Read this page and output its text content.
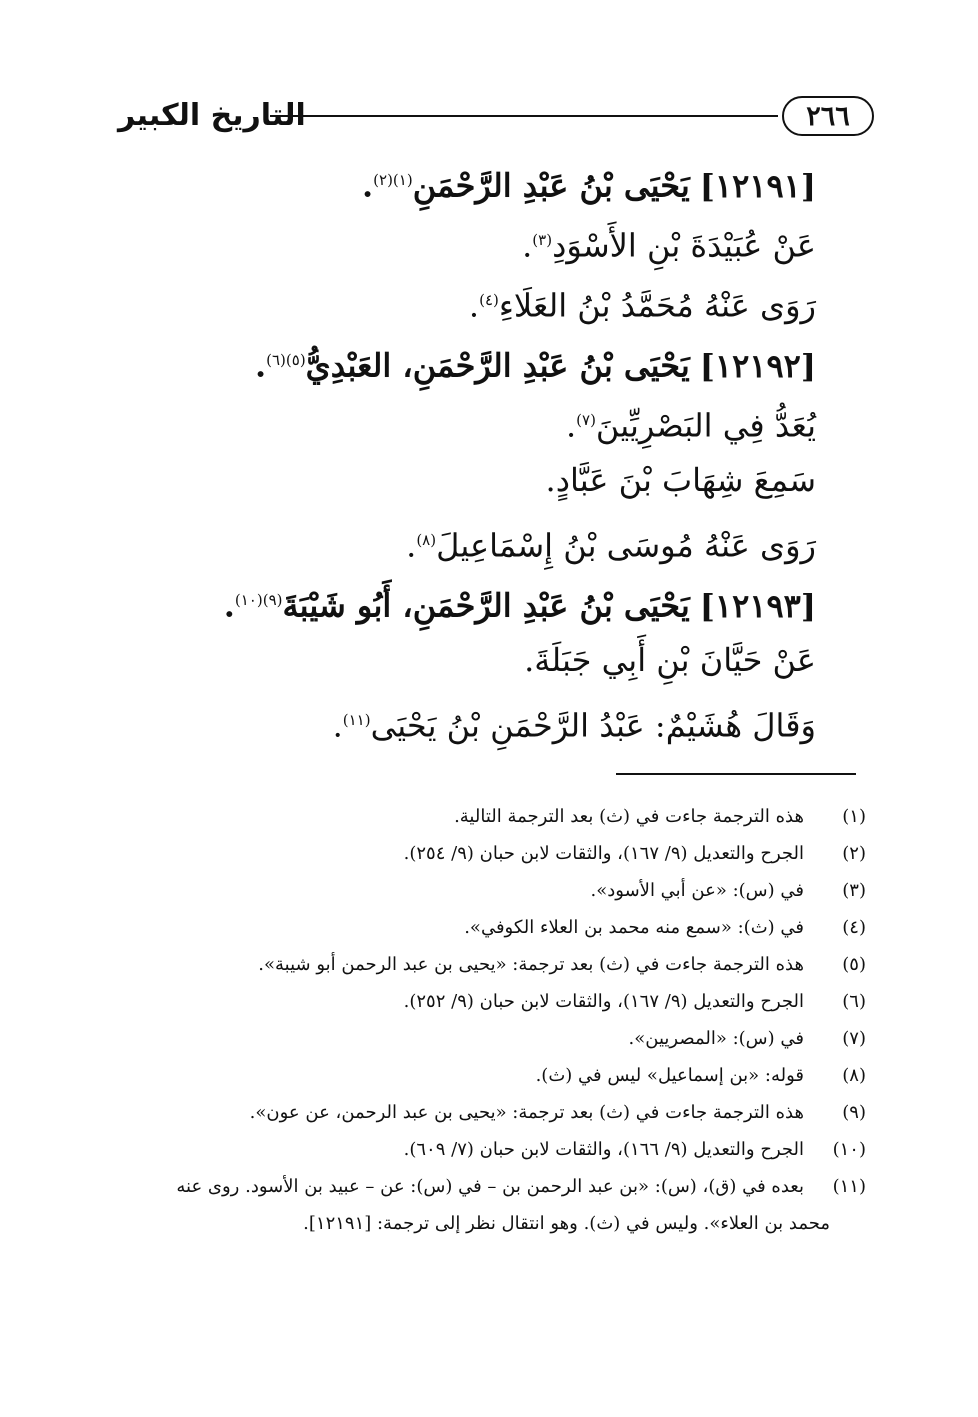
٢٦٦
التاريخ الكبير
[١٢١٩١]يَحْيَى بْنُ عَبْدِ الرَّحْمَنِ$^{(١)(٢)}$.
عَنْ عُبَيْدَةَ بْنِ الأَسْوَدِ$^{(٣)}$.
رَوَى عَنْهُ مُحَمَّدُ بْنُ العَلَاءِ$^{(٤)}$.
[١٢١٩٢]يَحْيَى بْنُ عَبْدِ الرَّحْمَنِ، العَبْدِيُّ$^{(٥)(٦)}$.
يُعَدُّ فِي البَصْرِيِّينَ$^{(٧)}$.
سَمِعَ شِهَابَ بْنَ عَبَّادٍ.
رَوَى عَنْهُ مُوسَى بْنُ إِسْمَاعِيلَ$^{(٨)}$.
[١٢١٩٣]يَحْيَى بْنُ عَبْدِ الرَّحْمَنِ، أَبُو شَيْبَةَ$^{(٩)(١٠)}$.
عَنْ حَيَّانَ بْنِ أَبِي جَبَلَةَ.
وَقَالَ هُشَيْمٌ: عَبْدُ الرَّحْمَنِ بْنُ يَحْيَى$^{(١١)}$.
(١)
هذه الترجمة جاءت في (ث) بعد الترجمة التالية.
(٢)
الجرح والتعديل (٩/ ١٦٧)، والثقات لابن حبان (٩/ ٢٥٤).
(٣)
في (س): «عن أبي الأسود».
(٤)
في (ث): «سمع منه محمد بن العلاء الكوفي».
(٥)
هذه الترجمة جاءت في (ث) بعد ترجمة: «يحيى بن عبد الرحمن أبو شيبة».
(٦)
الجرح والتعديل (٩/ ١٦٧)، والثقات لابن حبان (٩/ ٢٥٢).
(٧)
في (س): «المصريين».
(٨)
قوله: «بن إسماعيل» ليس في (ث).
(٩)
هذه الترجمة جاءت في (ث) بعد ترجمة: «يحيى بن عبد الرحمن، عن عون».
(١٠)
الجرح والتعديل (٩/ ١٦٦)، والثقات لابن حبان (٧/ ٦٠٩).
(١١)
بعده في (ق)، (س): «بن عبد الرحمن بن – في (س): عن – عبيد بن الأسود. روى عنه
محمد بن العلاء». وليس في (ث). وهو انتقال نظر إلى ترجمة: [١٢١٩١].
